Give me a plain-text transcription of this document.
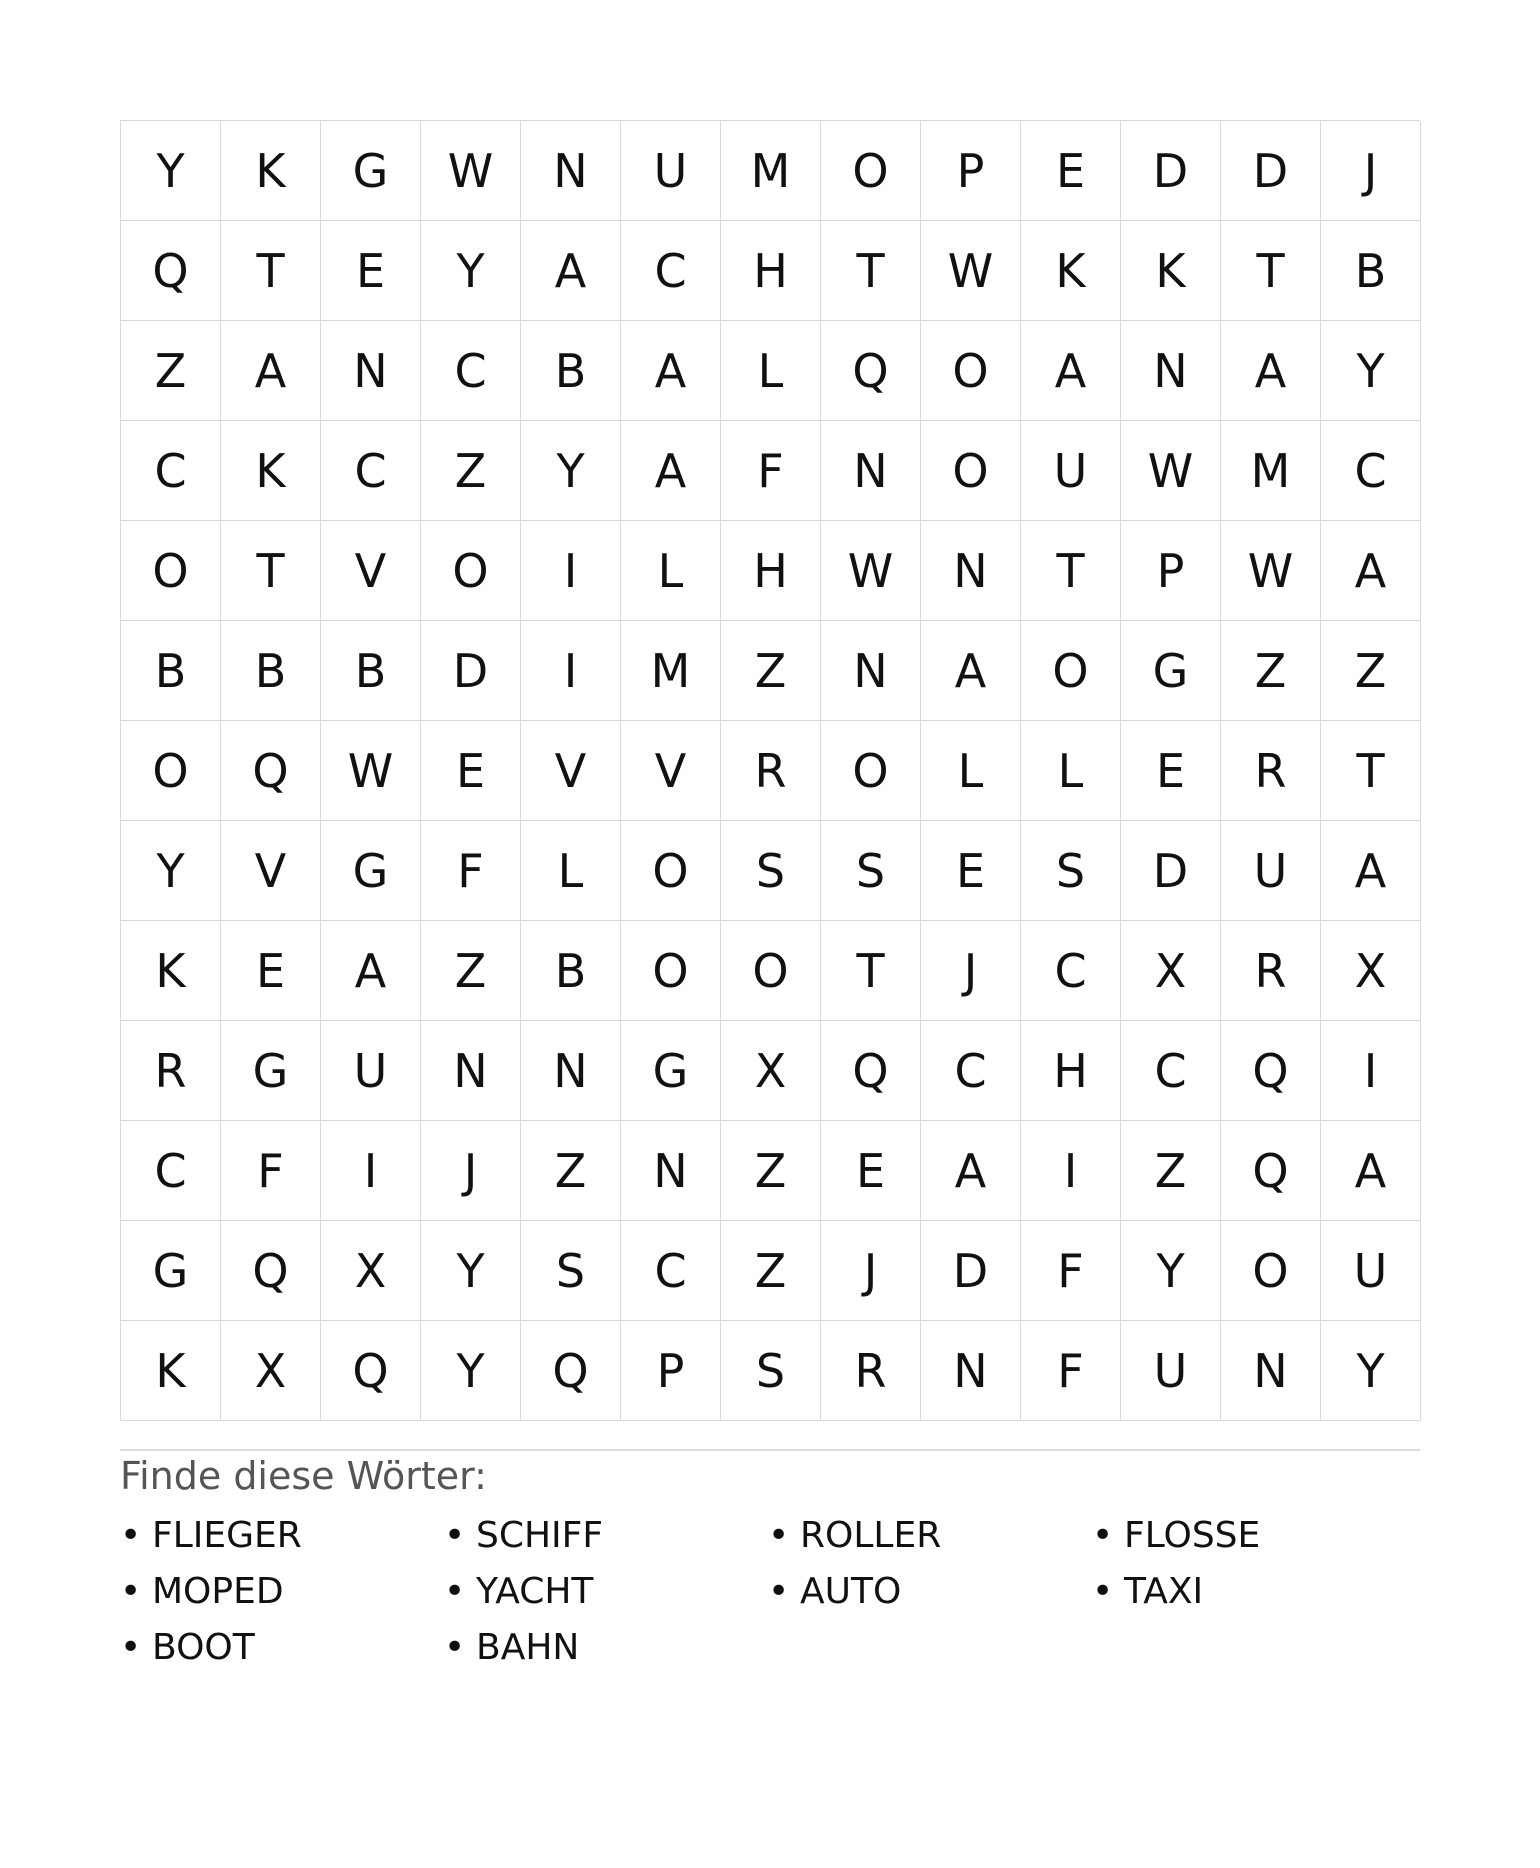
Y	K	G	W	N	U	M	O	P	E	D	D	J
Q	T	E	Y	A	C	H	T	W	K	K	T	B
Z	A	N	C	B	A	L	Q	O	A	N	A	Y
C	K	C	Z	Y	A	F	N	O	U	W	M	C
O	T	V	O	I	L	H	W	N	T	P	W	A
B	B	B	D	I	M	Z	N	A	O	G	Z	Z
O	Q	W	E	V	V	R	O	L	L	E	R	T
Y	V	G	F	L	O	S	S	E	S	D	U	A
K	E	A	Z	B	O	O	T	J	C	X	R	X
R	G	U	N	N	G	X	Q	C	H	C	Q	I
C	F	I	J	Z	N	Z	E	A	I	Z	Q	A
G	Q	X	Y	S	C	Z	J	D	F	Y	O	U
K	X	Q	Y	Q	P	S	R	N	F	U	N	Y
Finde diese Wörter:
• FLIEGER	• SCHIFF	• ROLLER	• FLOSSE
• MOPED	• YACHT	• AUTO	• TAXI
• BOOT	• BAHN
